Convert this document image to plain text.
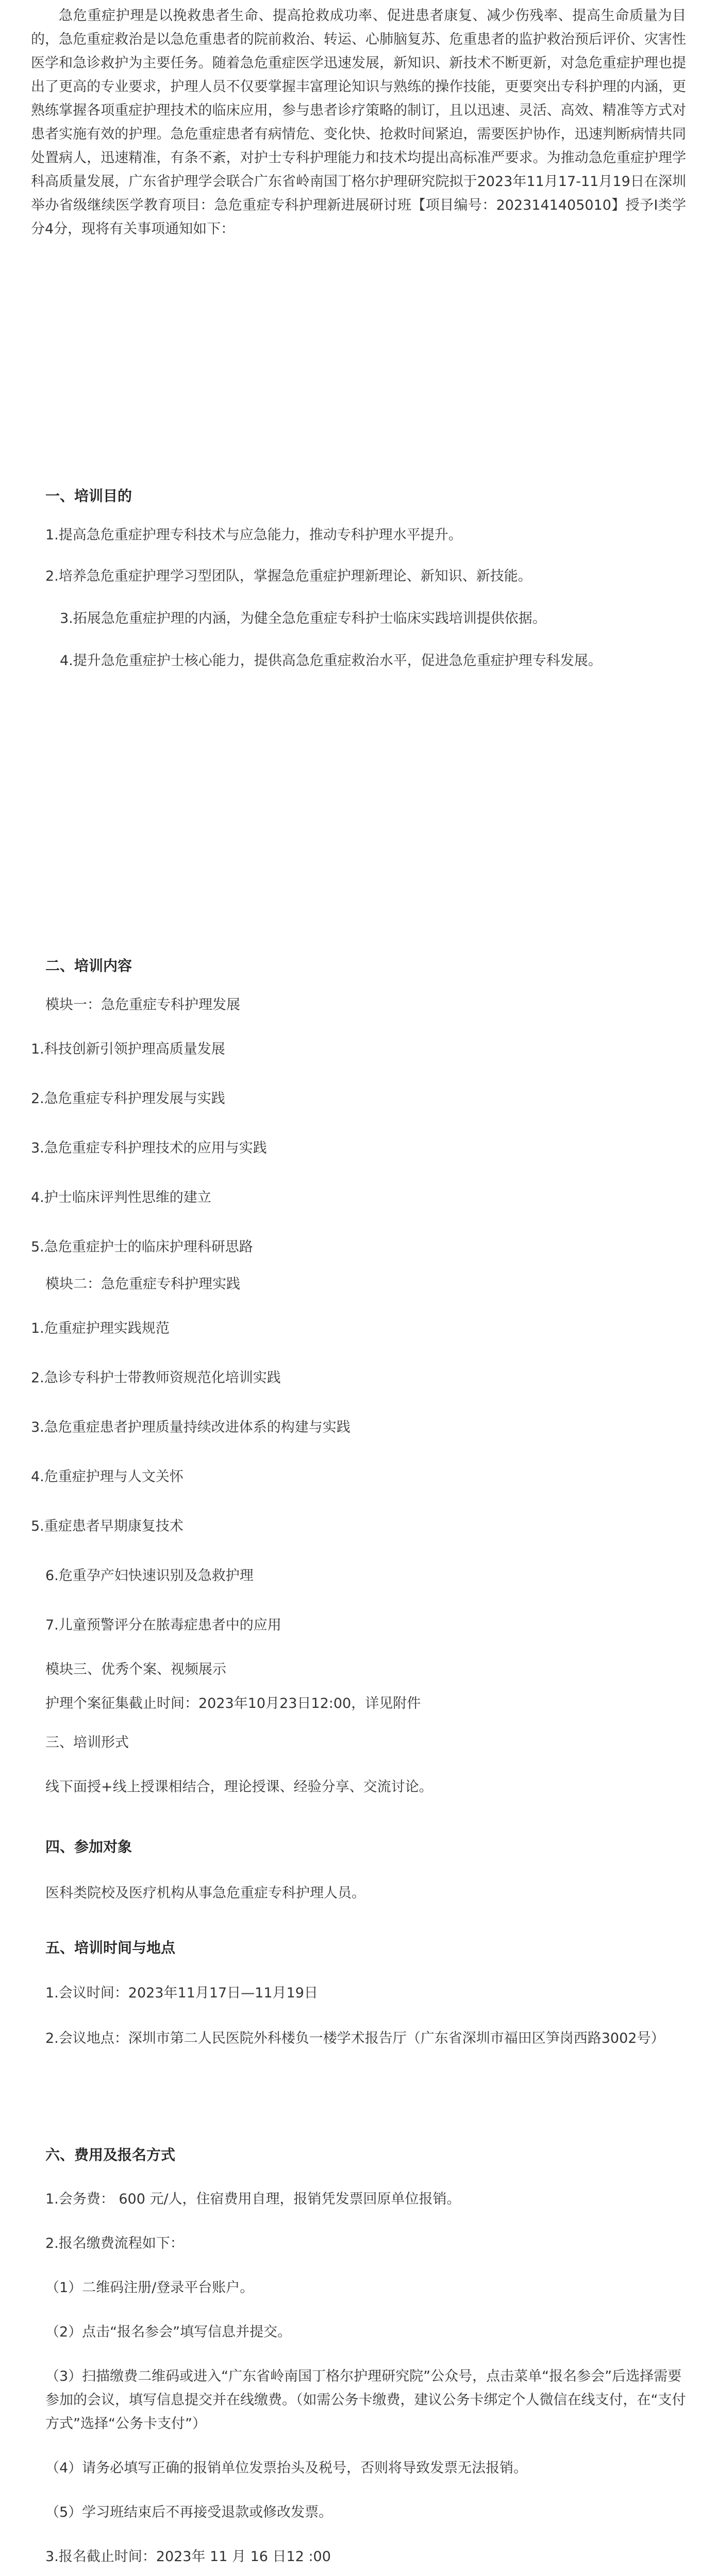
急危重症护理是以挽救患者生命、提高抢救成功率、促进患者康复、减少伤残率、提高生命质量为目的，急危重症救治是以急危重患者的院前救治、转运、心肺脑复苏、危重患者的监护救治预后评价、灾害性医学和急诊救护为主要任务。随着急危重症医学迅速发展，新知识、新技术不断更新，对急危重症护理也提出了更高的专业要求，护理人员不仅要掌握丰富理论知识与熟练的操作技能，更要突出专科护理的内涵，更熟练掌握各项重症护理技术的临床应用，参与患者诊疗策略的制订，且以迅速、灵活、高效、精准等方式对患者实施有效的护理。急危重症患者有病情危、变化快、抢救时间紧迫，需要医护协作，迅速判断病情共同处置病人，迅速精准，有条不紊，对护士专科护理能力和技术均提出高标准严要求。为推动急危重症护理学科高质量发展，广东省护理学会联合广东省岭南国丁格尔护理研究院拟于2023年11月17-11月19日在深圳举办省级继续医学教育项目：急危重症专科护理新进展研讨班【项目编号：2023141405010】授予Ⅰ类学分4分，现将有关事项通知如下：

一、培训目的

1.提高急危重症护理专科技术与应急能力，推动专科护理水平提升。

2.培养急危重症护理学习型团队，掌握急危重症护理新理论、新知识、新技能。

3.拓展急危重症护理的内涵，为健全急危重症专科护士临床实践培训提供依据。

4.提升急危重症护士核心能力，提供高急危重症救治水平，促进急危重症护理专科发展。

二、培训内容

模块一：急危重症专科护理发展

1.科技创新引领护理高质量发展

2.急危重症专科护理发展与实践

3.急危重症专科护理技术的应用与实践

4.护士临床评判性思维的建立

5.急危重症护士的临床护理科研思路

模块二：急危重症专科护理实践

1.危重症护理实践规范

2.急诊专科护士带教师资规范化培训实践

3.急危重症患者护理质量持续改进体系的构建与实践

4.危重症护理与人文关怀

5.重症患者早期康复技术

6.危重孕产妇快速识别及急救护理

7.儿童预警评分在脓毒症患者中的应用

模块三、优秀个案、视频展示

护理个案征集截止时间：2023年10月23日12:00，详见附件

三、培训形式

线下面授+线上授课相结合，理论授课、经验分享、交流讨论。

四、参加对象

医科类院校及医疗机构从事急危重症专科护理人员。

五、培训时间与地点

1.会议时间：2023年11月17日—11月19日

2.会议地点：深圳市第二人民医院外科楼负一楼学术报告厅（广东省深圳市福田区笋岗西路3002号）

六、费用及报名方式

1.会务费： 600 元/人，住宿费用自理，报销凭发票回原单位报销。

2.报名缴费流程如下：

（1）二维码注册/登录平台账户。

（2）点击“报名参会”填写信息并提交。

（3）扫描缴费二维码或进入“广东省岭南国丁格尔护理研究院”公众号，点击菜单“报名参会”后选择需要参加的会议，填写信息提交并在线缴费。（如需公务卡缴费，建议公务卡绑定个人微信在线支付，在“支付方式”选择“公务卡支付”）

（4）请务必填写正确的报销单位发票抬头及税号，否则将导致发票无法报销。

（5）学习班结束后不再接受退款或修改发票。

3.报名截止时间：2023年 11 月 16 日12 :00
